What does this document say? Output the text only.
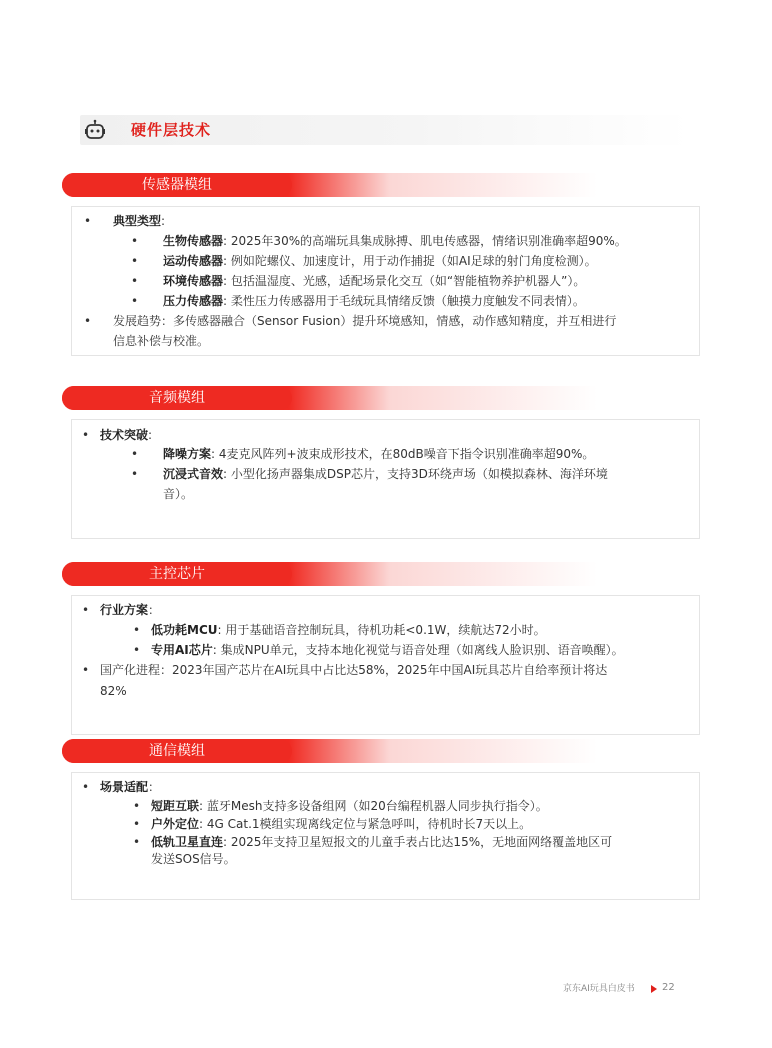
硬件层技术
传感器模组
• 典型类型:
• 生物传感器: 2025年30%的高端玩具集成脉搏、肌电传感器，情绪识别准确率超90%。
• 运动传感器: 例如陀螺仪、加速度计，用于动作捕捉（如AI足球的射门角度检测）。
• 环境传感器: 包括温湿度、光感，适配场景化交互（如“智能植物养护机器人”）。
• 压力传感器: 柔性压力传感器用于毛绒玩具情绪反馈（触摸力度触发不同表情）。
• 发展趋势：多传感器融合（Sensor Fusion）提升环境感知，情感，动作感知精度，并互相进行
信息补偿与校准。
音频模组
• 技术突破:
• 降噪方案: 4麦克风阵列+波束成形技术，在80dB噪音下指令识别准确率超90%。
• 沉浸式音效: 小型化扬声器集成DSP芯片，支持3D环绕声场（如模拟森林、海洋环境
音）。
主控芯片
• 行业方案：
• 低功耗MCU: 用于基础语音控制玩具，待机功耗<0.1W，续航达72小时。
• 专用AI芯片: 集成NPU单元，支持本地化视觉与语音处理（如离线人脸识别、语音唤醒）。
• 国产化进程：2023年国产芯片在AI玩具中占比达58%，2025年中国AI玩具芯片自给率预计将达
82%
通信模组
• 场景适配：
• 短距互联: 蓝牙Mesh支持多设备组网（如20台编程机器人同步执行指令）。
• 户外定位: 4G Cat.1模组实现离线定位与紧急呼叫，待机时长7天以上。
• 低轨卫星直连: 2025年支持卫星短报文的儿童手表占比达15%，无地面网络覆盖地区可
发送SOS信号。
京东AI玩具白皮书	22
